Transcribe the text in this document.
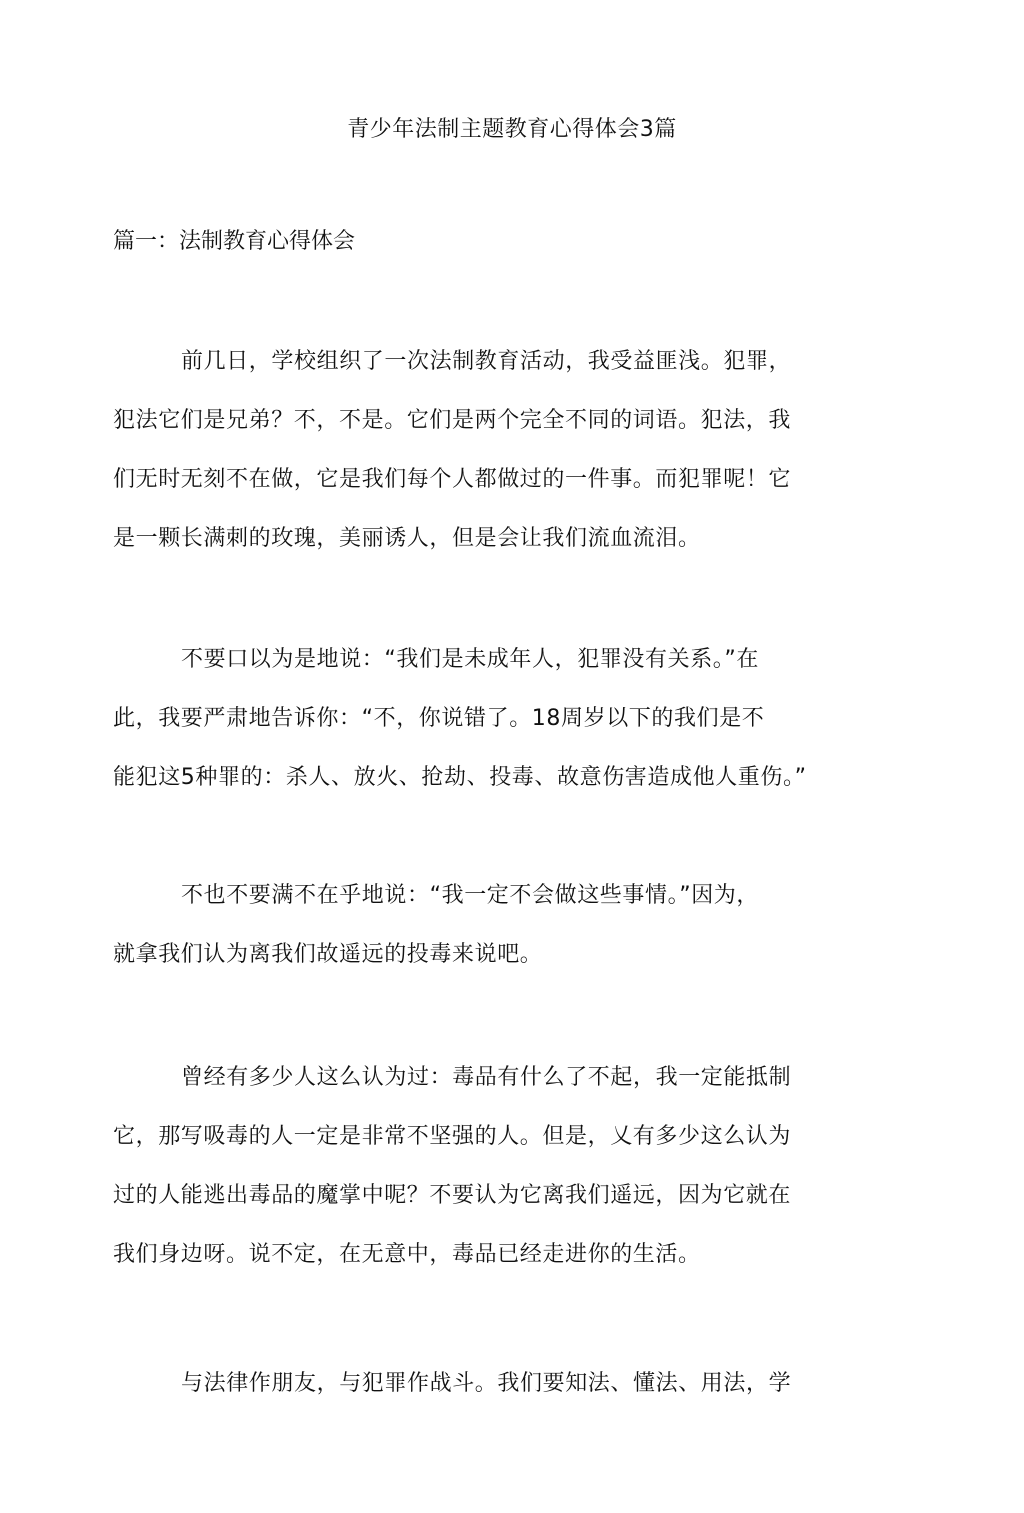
青少年法制主题教育心得体会3篇
篇一：法制教育心得体会
前几日，学校组织了一次法制教育活动，我受益匪浅。犯罪，
犯法它们是兄弟？不，不是。它们是两个完全不同的词语。犯法，我
们无时无刻不在做，它是我们每个人都做过的一件事。而犯罪呢！它
是一颗长满刺的玫瑰，美丽诱人，但是会让我们流血流泪。
不要口以为是地说：“我们是未成年人，犯罪没有关系。”在
此，我要严肃地告诉你：“不，你说错了。18周岁以下的我们是不
能犯这5种罪的：杀人、放火、抢劫、投毒、故意伤害造成他人重伤。”
不也不要满不在乎地说：“我一定不会做这些事情。”因为，
就拿我们认为离我们故遥远的投毒来说吧。
曾经有多少人这么认为过：毒品有什么了不起，我一定能抵制
它，那写吸毒的人一定是非常不坚强的人。但是，乂有多少这么认为
过的人能逃出毒品的魔掌中呢？不要认为它离我们遥远，因为它就在
我们身边呀。说不定，在无意中，毒品已经走进你的生活。
与法律作朋友，与犯罪作战斗。我们要知法、懂法、用法，学
